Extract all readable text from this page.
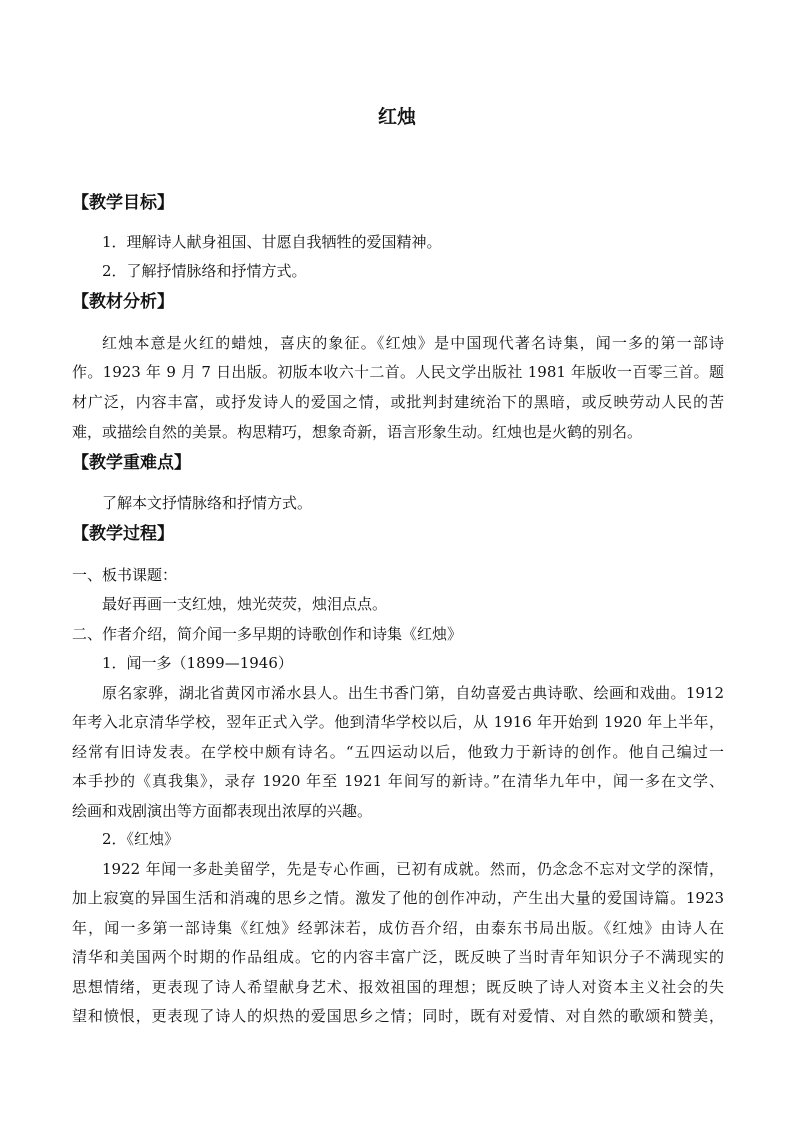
红烛
【教学目标】
1．理解诗人献身祖国、甘愿自我牺牲的爱国精神。
2．了解抒情脉络和抒情方式。
【教材分析】
红烛本意是火红的蜡烛，喜庆的象征。《红烛》是中国现代著名诗集，闻一多的第一部诗
作。1923 年 9 月 7 日出版。初版本收六十二首。人民文学出版社 1981 年版收一百零三首。题
材广泛，内容丰富，或抒发诗人的爱国之情，或批判封建统治下的黑暗，或反映劳动人民的苦
难，或描绘自然的美景。构思精巧，想象奇新，语言形象生动。红烛也是火鹤的别名。
【教学重难点】
了解本文抒情脉络和抒情方式。
【教学过程】
一、板书课题：
最好再画一支红烛，烛光荧荧，烛泪点点。
二、作者介绍，简介闻一多早期的诗歌创作和诗集《红烛》
1．闻一多（1899—1946）
原名家骅，湖北省黄冈市浠水县人。出生书香门第，自幼喜爱古典诗歌、绘画和戏曲。1912
年考入北京清华学校，翌年正式入学。他到清华学校以后，从 1916 年开始到 1920 年上半年，
经常有旧诗发表。在学校中颇有诗名。“五四运动以后，他致力于新诗的创作。他自己编过一
本手抄的《真我集》，录存 1920 年至 1921 年间写的新诗。”在清华九年中，闻一多在文学、
绘画和戏剧演出等方面都表现出浓厚的兴趣。
2．《红烛》
1922 年闻一多赴美留学，先是专心作画，已初有成就。然而，仍念念不忘对文学的深情，
加上寂寞的异国生活和消魂的思乡之情。激发了他的创作冲动，产生出大量的爱国诗篇。1923
年，闻一多第一部诗集《红烛》经郭沫若，成仿吾介绍，由泰东书局出版。《红烛》由诗人在
清华和美国两个时期的作品组成。它的内容丰富广泛，既反映了当时青年知识分子不满现实的
思想情绪，更表现了诗人希望献身艺术、报效祖国的理想；既反映了诗人对资本主义社会的失
望和愤恨，更表现了诗人的炽热的爱国思乡之情；同时，既有对爱情、对自然的歌颂和赞美，
